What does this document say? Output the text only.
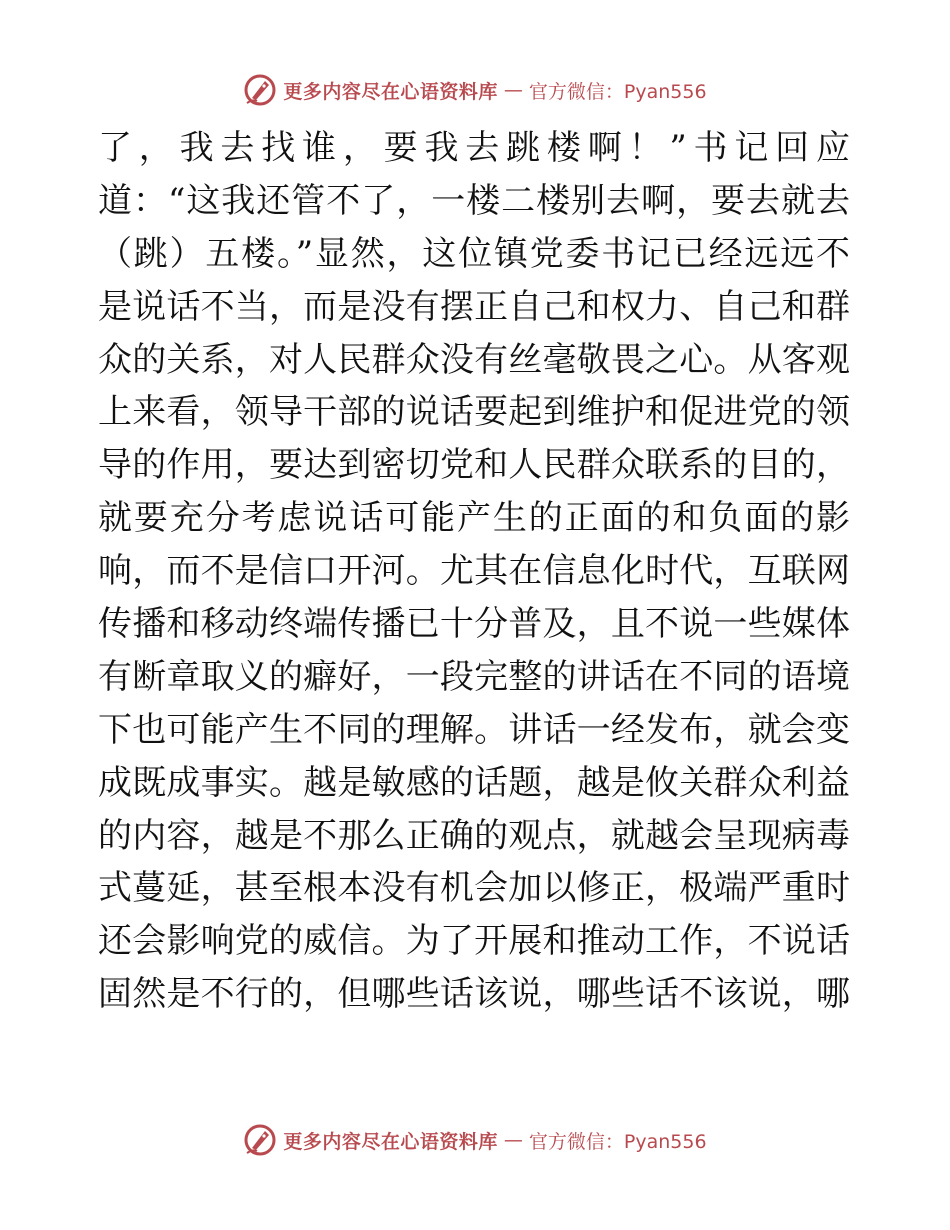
更多内容尽在心语资料库 — 官方微信：Pyan556
了，我去找谁，要我去跳楼啊！”书记回应
道：“这我还管不了，一楼二楼别去啊，要去就去
（跳）五楼。”显然，这位镇党委书记已经远远不
是说话不当，而是没有摆正自己和权力、自己和群
众的关系，对人民群众没有丝毫敬畏之心。从客观
上来看，领导干部的说话要起到维护和促进党的领
导的作用，要达到密切党和人民群众联系的目的，
就要充分考虑说话可能产生的正面的和负面的影
响，而不是信口开河。尤其在信息化时代，互联网
传播和移动终端传播已十分普及，且不说一些媒体
有断章取义的癖好，一段完整的讲话在不同的语境
下也可能产生不同的理解。讲话一经发布，就会变
成既成事实。越是敏感的话题，越是攸关群众利益
的内容，越是不那么正确的观点，就越会呈现病毒
式蔓延，甚至根本没有机会加以修正，极端严重时
还会影响党的威信。为了开展和推动工作，不说话
固然是不行的，但哪些话该说，哪些话不该说，哪
更多内容尽在心语资料库 — 官方微信：Pyan556
